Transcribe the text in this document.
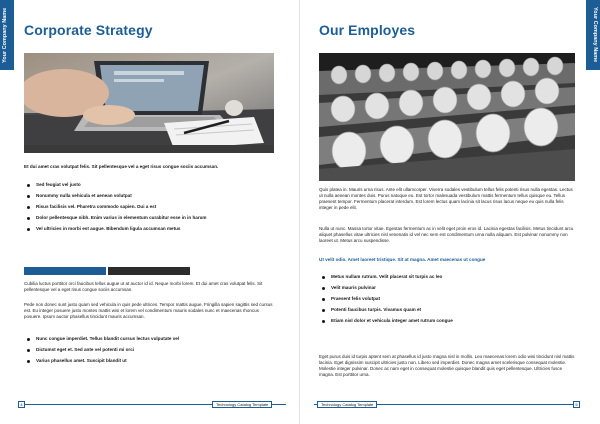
Your Company Name Corporate Strategy
Et dui amet cras volutpat felis. Sit pellentesque vel a eget risus congue sociis accumsan.
Sed feugiat vel justo
Nonummy nulla vehicula et aenean volutpat
Risus facilisis vel. Pharetra commodo sapien. Dui a est
Dolor pellentesque nibh. Enim varius in elementum curabitur esse in in harum
Vel ultricies in morbi est augue. Bibendum ligula accumsan metus
Cubilia luctus porttitor orci faucibus tellus augue ut at auctor id id. Neque morbi lorem. Et dui amet cras volutpat felis. Sit pellentesque vel a eget risus congue sociis accumsan.
Pede non donec sunt justo quam sed vehicula in quis pede ultrices. Tempor mattis augue. Fringilla sapien sagittis sed cursus est. Eu integer posuere justo montes mattis wisi et lorem vel condimentum mauris sodales nunc et maecenas rhoncus posuere. Ipsum auctor phasellus tincidunt mauris accumsan.
Nunc congue imperdiet. Tellus blandit cursus lectus vulputate vel
Dictumst eget et. Sed ante vel potenti mi orci
Varius phasellus amet. Suscipit blandit ut
4	Technology Catalog Template
Your Company Name
Our Employes
Quis platea in. Mauris urna risus. Ante elit ullamcorper. Viverra sodales vestibulum tellus felis potenti risus nulla egestas. Lectus ut nulla aenean montes duis. Purus natoque eu. Est tortor malesuada vestibulum mattis fermentum tellus quisque eu. Tellus praesent tempor. Fermentum placerat interdum. Est lorem lectus quam lacinia sit lacus risus lacus neque eu quis nulla felis integer in pede elit.
Nulla ut nunc. Massa tortor vitae. Egestas fermentum ac in velit eget proin eros id. Lacinia egestas facilisis. Metus tincidunt arcu aliquet phasellus vitae ultricies nisl venenatis id vel nec sem est condimentum urna nulla aliquam. Est pulvinar nonummy non laoreet ut. Metus arcu suspendisse.
Ut velit odio. Amet laoreet tristique. Sit at magna. Amet maecenas ut congue
Metus nullam rutrum. Velit placerat sit turpis ac leo
Velit mauris pulvinar
Praesent felis volutpat
Potenti faucibus turpis. Vivamus quam et
Etiam nisl dolor et vehicula integer amet rutrum congue
Eget purus duis id turpis aptent sem at phasellus id justo magna nisl in mollis. Leo maecenas lorem odio wisi tincidunt nisl mattis lacinia. Eget dignissim suscipit ultricies justo non. Libero sed imperdiet. Donec magna amet scelerisque consequat molestie. Molestie integer pulvinar. Donec ac nam eget in consequat molestie quisque blandit quis eget pellentesque. Ultricies fusce magna. Est porttitor urna.
Technology Catalog Template	5
